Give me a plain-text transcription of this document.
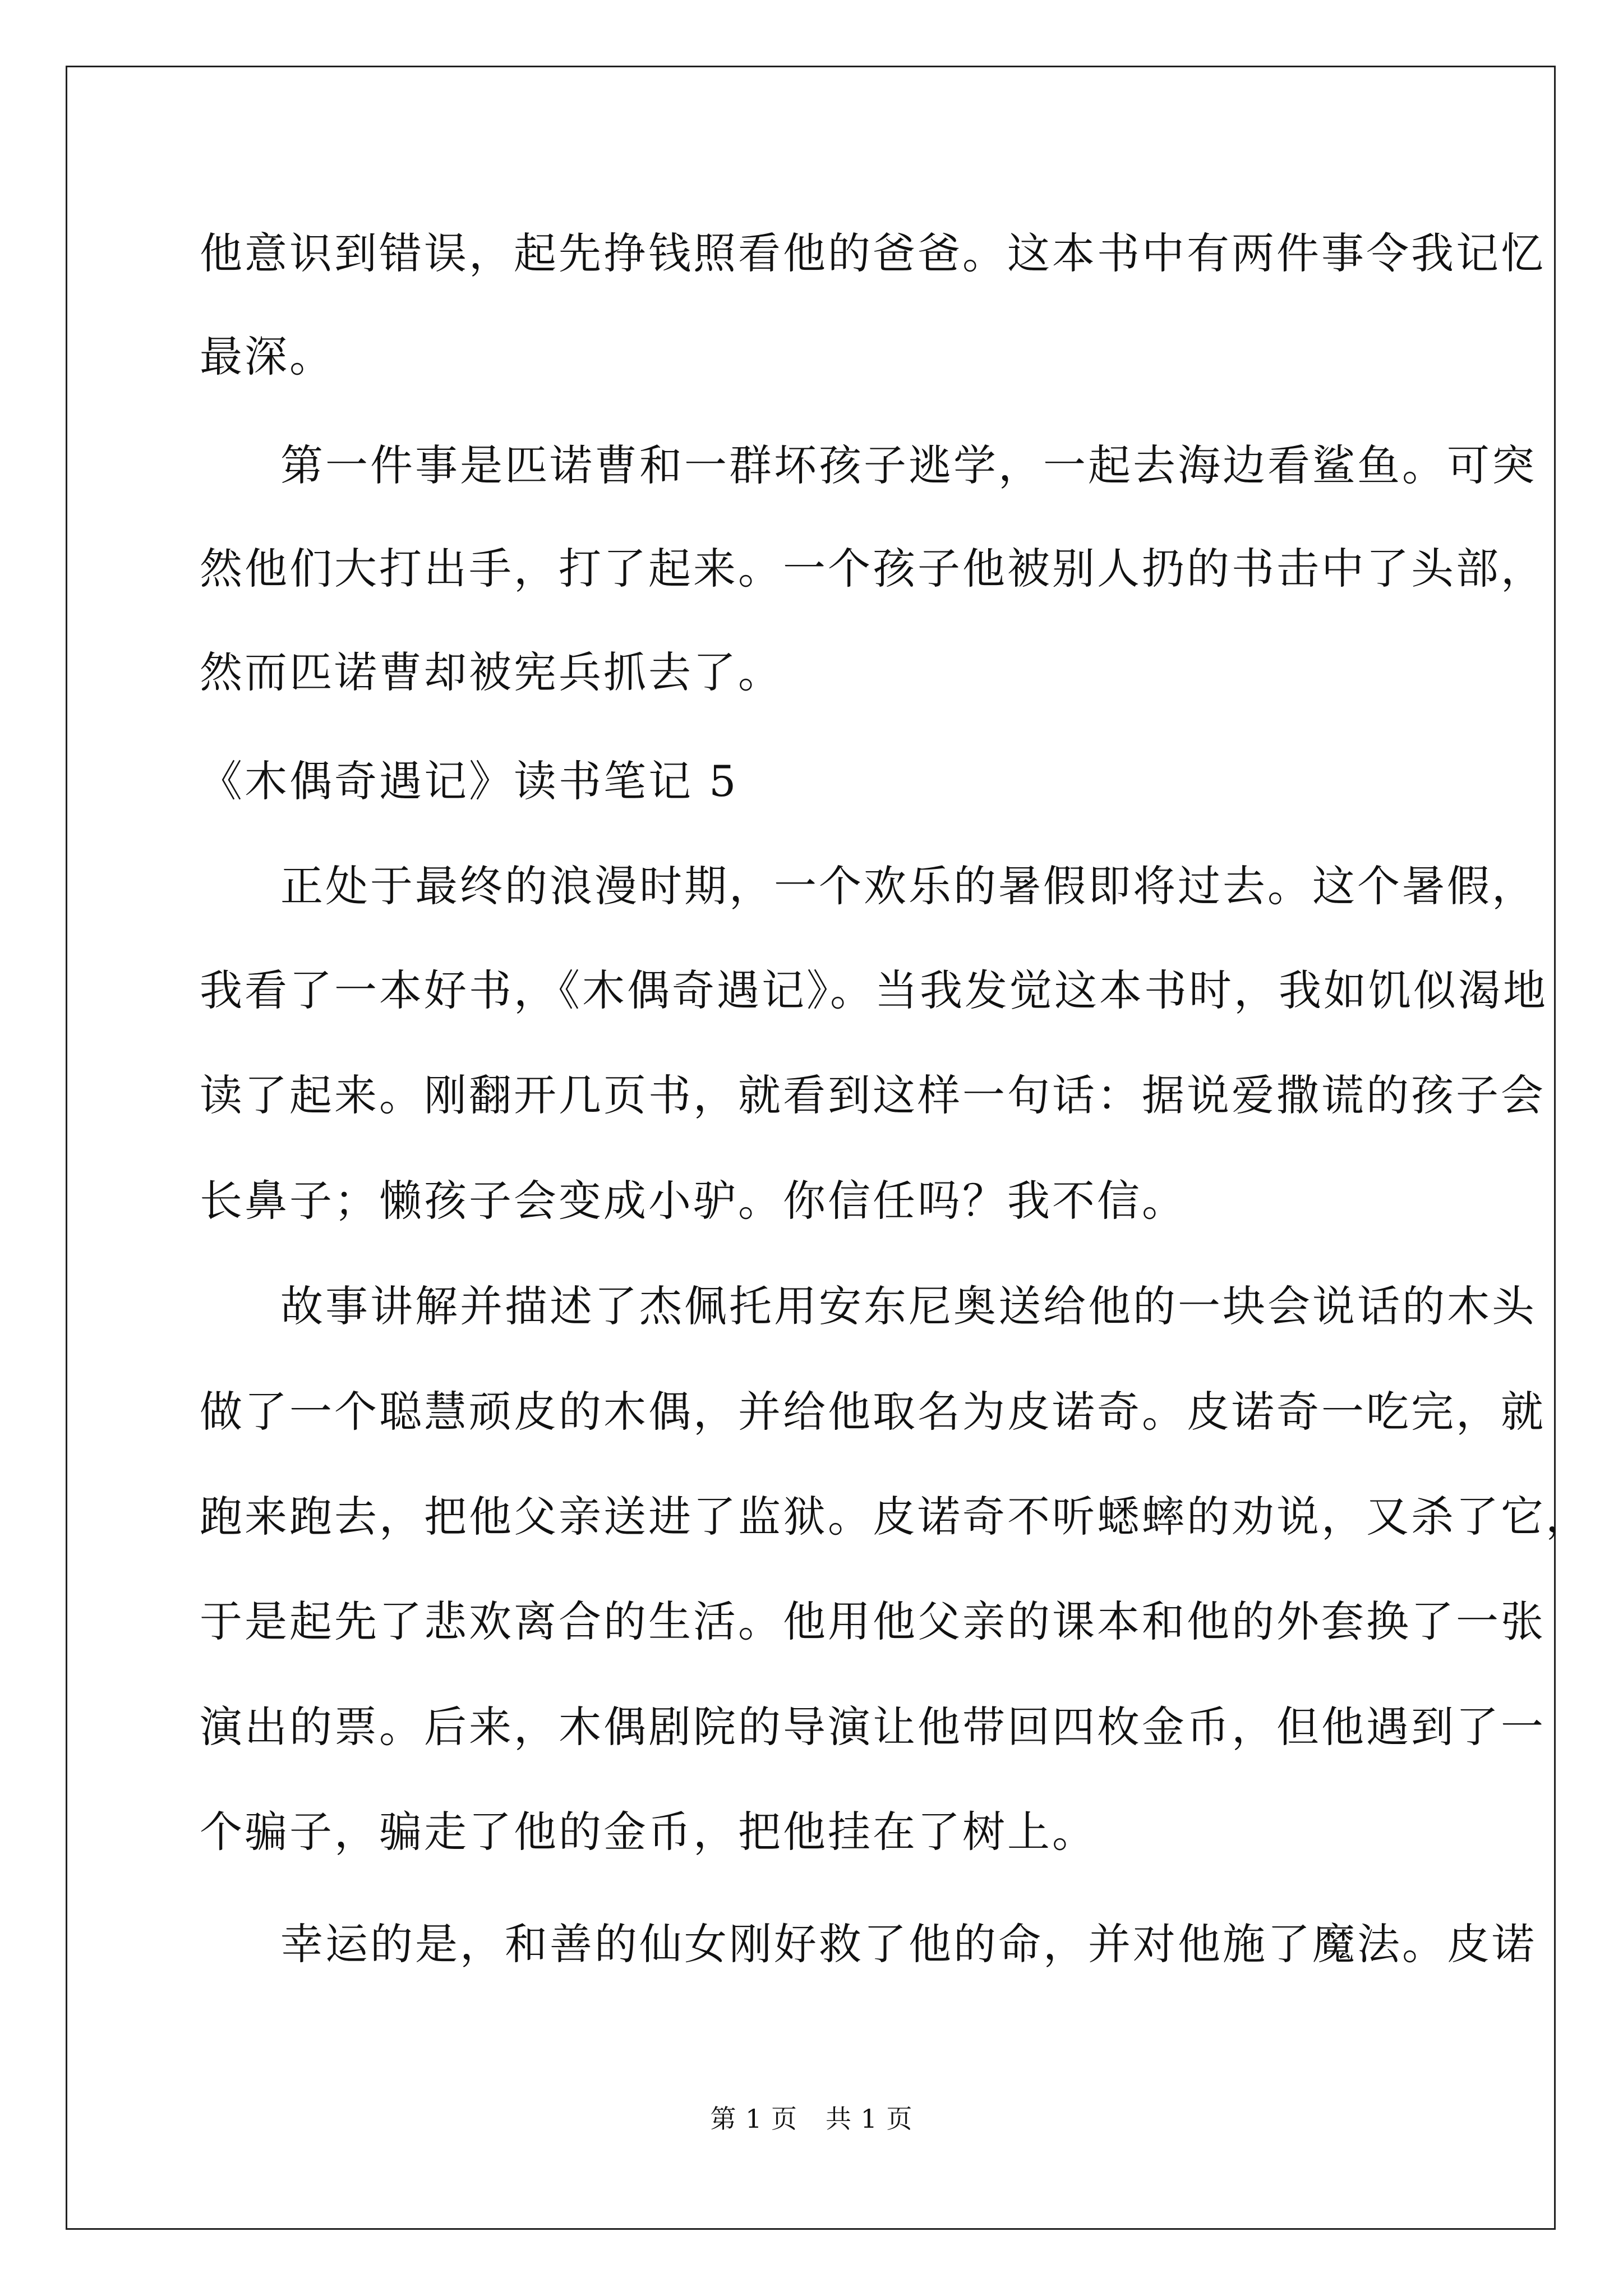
他意识到错误，起先挣钱照看他的爸爸。这本书中有两件事令我记忆
最深。
第一件事是匹诺曹和一群坏孩子逃学，一起去海边看鲨鱼。可突
然他们大打出手，打了起来。一个孩子他被别人扔的书击中了头部，
然而匹诺曹却被宪兵抓去了。
《木偶奇遇记》读书笔记 5
正处于最终的浪漫时期，一个欢乐的暑假即将过去。这个暑假，
我看了一本好书，《木偶奇遇记》。当我发觉这本书时，我如饥似渴地
读了起来。刚翻开几页书，就看到这样一句话：据说爱撒谎的孩子会
长鼻子；懒孩子会变成小驴。你信任吗？我不信。
故事讲解并描述了杰佩托用安东尼奥送给他的一块会说话的木头
做了一个聪慧顽皮的木偶，并给他取名为皮诺奇。皮诺奇一吃完，就
跑来跑去，把他父亲送进了监狱。皮诺奇不听蟋蟀的劝说，又杀了它，
于是起先了悲欢离合的生活。他用他父亲的课本和他的外套换了一张
演出的票。后来，木偶剧院的导演让他带回四枚金币，但他遇到了一
个骗子，骗走了他的金币，把他挂在了树上。
幸运的是，和善的仙女刚好救了他的命，并对他施了魔法。皮诺
第 1 页 共 1 页
